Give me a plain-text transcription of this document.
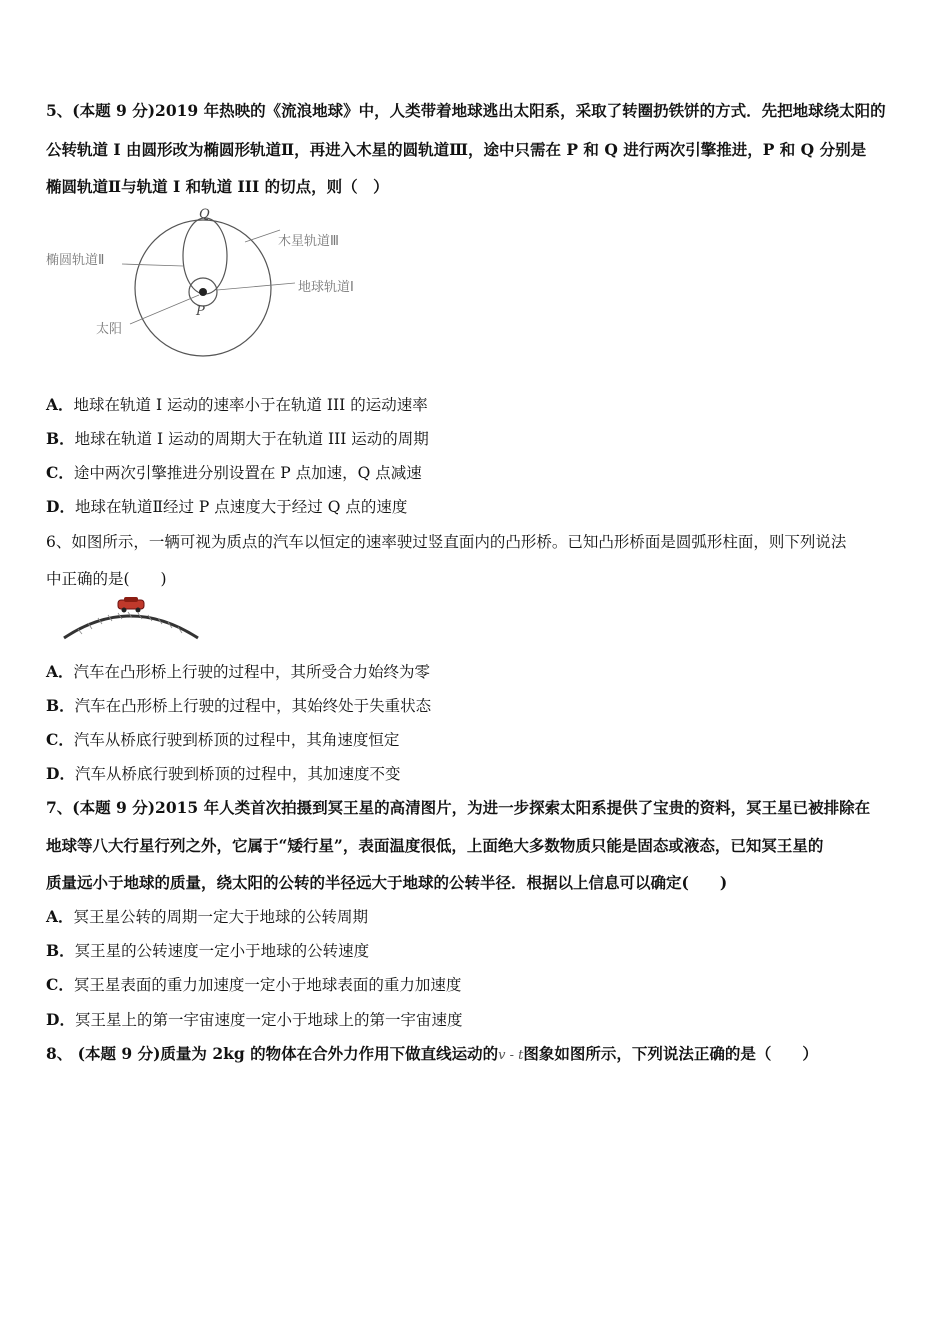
5、(本题 9 分)2019 年热映的《流浪地球》中，人类带着地球逃出太阳系，采取了转圈扔铁饼的方式．先把地球绕太阳的
公转轨道 I 由圆形改为椭圆形轨道Ⅱ，再进入木星的圆轨道Ⅲ，途中只需在 P 和 Q 进行两次引擎推进，P 和 Q 分别是
椭圆轨道Ⅱ与轨道 I 和轨道 III 的切点，则（　）
Q
P
椭圆轨道Ⅱ
木星轨道Ⅲ
地球轨道Ⅰ
太阳
A．地球在轨道 I 运动的速率小于在轨道 III 的运动速率
B．地球在轨道 I 运动的周期大于在轨道 III 运动的周期
C．途中两次引擎推进分别设置在 P 点加速，Q 点减速
D．地球在轨道Ⅱ经过 P 点速度大于经过 Q 点的速度
6、如图所示，一辆可视为质点的汽车以恒定的速率驶过竖直面内的凸形桥。已知凸形桥面是圆弧形柱面，则下列说法
中正确的是(　　)
A．汽车在凸形桥上行驶的过程中，其所受合力始终为零
B．汽车在凸形桥上行驶的过程中，其始终处于失重状态
C．汽车从桥底行驶到桥顶的过程中，其角速度恒定
D．汽车从桥底行驶到桥顶的过程中，其加速度不变
7、(本题 9 分)2015 年人类首次拍摄到冥王星的高清图片，为进一步探索太阳系提供了宝贵的资料，冥王星已被排除在
地球等八大行星行列之外，它属于“矮行星”，表面温度很低，上面绝大多数物质只能是固态或液态，已知冥王星的
质量远小于地球的质量，绕太阳的公转的半径远大于地球的公转半径．根据以上信息可以确定(　　)
A．冥王星公转的周期一定大于地球的公转周期
B．冥王星的公转速度一定小于地球的公转速度
C．冥王星表面的重力加速度一定小于地球表面的重力加速度
D．冥王星上的第一宇宙速度一定小于地球上的第一宇宙速度
8、 (本题 9 分)质量为 2kg 的物体在合外力作用下做直线运动的v - t图象如图所示，下列说法正确的是（　　）
